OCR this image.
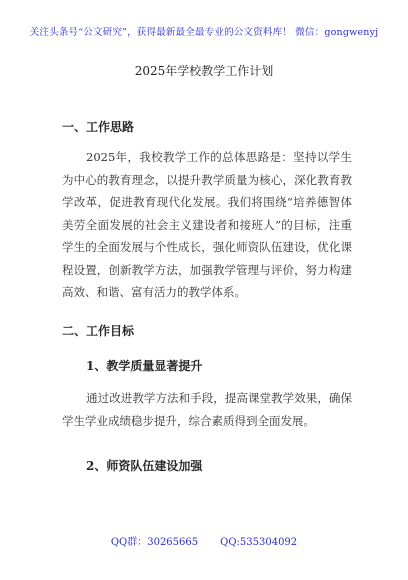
关注头条号“公文研究”，获得最新最全最专业的公文资料库！ 微信：gongwenyj
2025年学校教学工作计划
一、工作思路
2025年，我校教学工作的总体思路是：坚持以学生为中心的教育理念，以提升教学质量为核心，深化教育教学改革，促进教育现代化发展。我们将围绕“培养德智体美劳全面发展的社会主义建设者和接班人”的目标，注重学生的全面发展与个性成长，强化师资队伍建设，优化课程设置，创新教学方法，加强教学管理与评价，努力构建高效、和谐、富有活力的教学体系。
二、工作目标
1、教学质量显著提升
通过改进教学方法和手段，提高课堂教学效果，确保学生学业成绩稳步提升，综合素质得到全面发展。
2、师资队伍建设加强
QQ群：30265665 QQ:535304092
